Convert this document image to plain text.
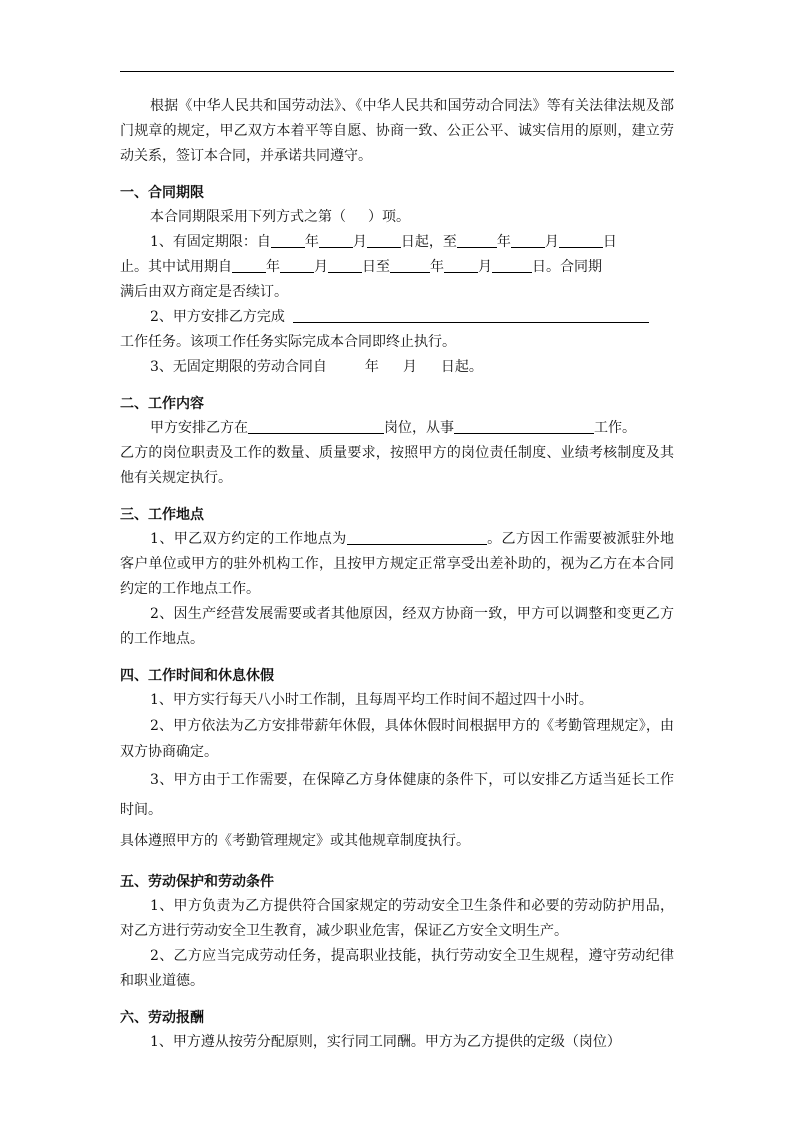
根据《中华人民共和国劳动法》、《中华人民共和国劳动合同法》等有关法律法规及部门规章的规定，甲乙双方本着平等自愿、协商一致、公正公平、诚实信用的原则，建立劳动关系，签订本合同，并承诺共同遵守。

一、合同期限

本合同期限采用下列方式之第（ ）项。

1、有固定期限：自 年 月 日起，至	年 月	日

止。其中试用期自 年 月 日至	年 月	日。合同期

满后由双方商定是否续订。

2、甲方安排乙方完成

工作任务。该项工作任务实际完成本合同即终止执行。

3、无固定期限的劳动合同自	年 月 日起。

二、工作内容

甲方安排乙方在	岗位，从事	工作。

乙方的岗位职责及工作的数量、质量要求，按照甲方的岗位责任制度、业绩考核制度及其他有关规定执行。

三、工作地点

1、甲乙双方约定的工作地点为	。乙方因工作需要被派驻外地客户单位或甲方的驻外机构工作，且按甲方规定正常享受出差补助的，视为乙方在本合同约定的工作地点工作。

2、因生产经营发展需要或者其他原因，经双方协商一致，甲方可以调整和变更乙方的工作地点。

四、工作时间和休息休假

1、甲方实行每天八小时工作制，且每周平均工作时间不超过四十小时。

2、甲方依法为乙方安排带薪年休假，具体休假时间根据甲方的《考勤管理规定》，由双方协商确定。

3、甲方由于工作需要，在保障乙方身体健康的条件下，可以安排乙方适当延长工作时间。

具体遵照甲方的《考勤管理规定》或其他规章制度执行。

五、劳动保护和劳动条件

1、甲方负责为乙方提供符合国家规定的劳动安全卫生条件和必要的劳动防护用品，对乙方进行劳动安全卫生教育，减少职业危害，保证乙方安全文明生产。

2、乙方应当完成劳动任务，提高职业技能，执行劳动安全卫生规程，遵守劳动纪律和职业道德。

六、劳动报酬

1、甲方遵从按劳分配原则，实行同工同酬。甲方为乙方提供的定级（岗位）
